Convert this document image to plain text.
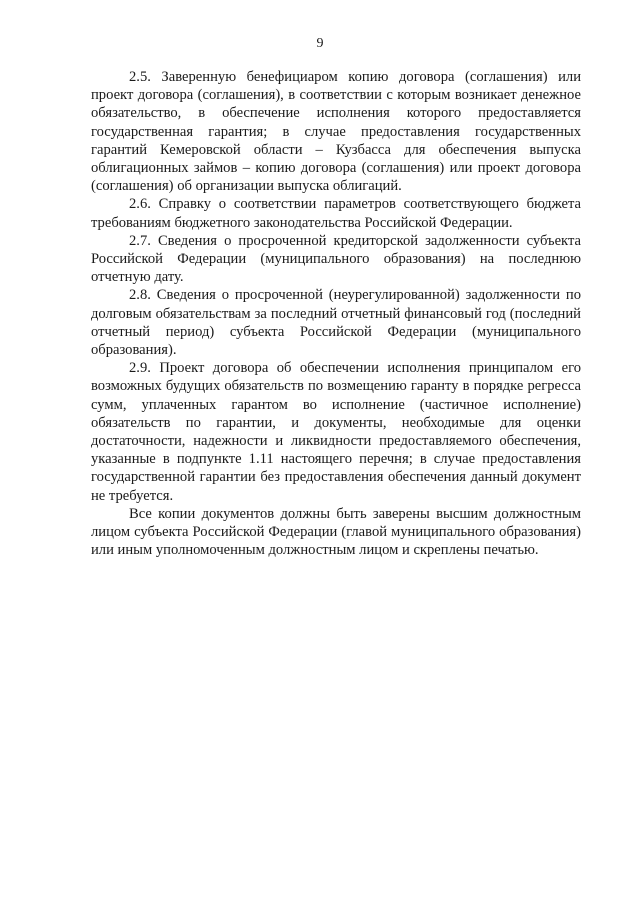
9

2.5. Заверенную бенефициаром копию договора (соглашения) или проект договора (соглашения), в соответствии с которым возникает денежное обязательство, в обеспечение исполнения которого предоставляется государственная гарантия; в случае предоставления государственных гарантий Кемеровской области – Кузбасса для обеспечения выпуска облигационных займов – копию договора (соглашения) или проект договора (соглашения) об организации выпуска облигаций.

2.6. Справку о соответствии параметров соответствующего бюджета требованиям бюджетного законодательства Российской Федерации.

2.7. Сведения о просроченной кредиторской задолженности субъекта Российской Федерации (муниципального образования) на последнюю отчетную дату.

2.8. Сведения о просроченной (неурегулированной) задолженности по долговым обязательствам за последний отчетный финансовый год (последний отчетный период) субъекта Российской Федерации (муниципального образования).

2.9. Проект договора об обеспечении исполнения принципалом его возможных будущих обязательств по возмещению гаранту в порядке регресса сумм, уплаченных гарантом во исполнение (частичное исполнение) обязательств по гарантии, и документы, необходимые для оценки достаточности, надежности и ликвидности предоставляемого обеспечения, указанные в подпункте 1.11 настоящего перечня; в случае предоставления государственной гарантии без предоставления обеспечения данный документ не требуется.

Все копии документов должны быть заверены высшим должностным лицом субъекта Российской Федерации (главой муниципального образования) или иным уполномоченным должностным лицом и скреплены печатью.
